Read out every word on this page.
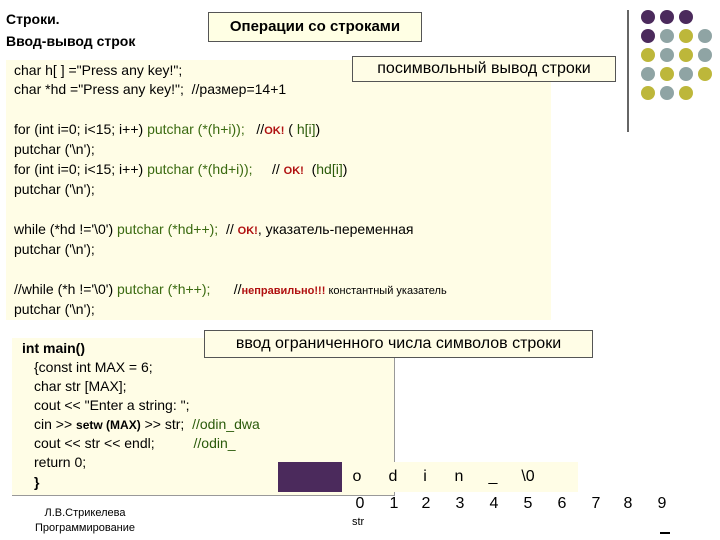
Строки.
Ввод-вывод строк
Операции со строками
char h[ ] ="Press any key!";
char *hd ="Press any key!";  //размер=14+1
for (int i=0; i<15; i++) putchar (*(h+i));   //OK! ( h[i])
putchar ('\n');
for (int i=0; i<15; i++) putchar (*(hd+i));     // OK!  (hd[i])
putchar ('\n');
while (*hd !='\0') putchar (*hd++);  // OK!, указатель-переменная
putchar ('\n');
//while (*h !='\0') putchar (*h++);      //неправильно!!! константный указатель
putchar ('\n');
посимвольный вывод строки
int main()
{const int MAX = 6;
char str [MAX];
cout << "Enter a string: ";
cin >> setw (MAX) >> str;  //odin_dwa
cout << str << endl;          //odin_
return 0;
}
ввод ограниченного числа символов строки
o	d	i	n	_	\0
0	1	2	3	4	5	6	7	8	9
str
Л.В.Стрикелева
Программирование
